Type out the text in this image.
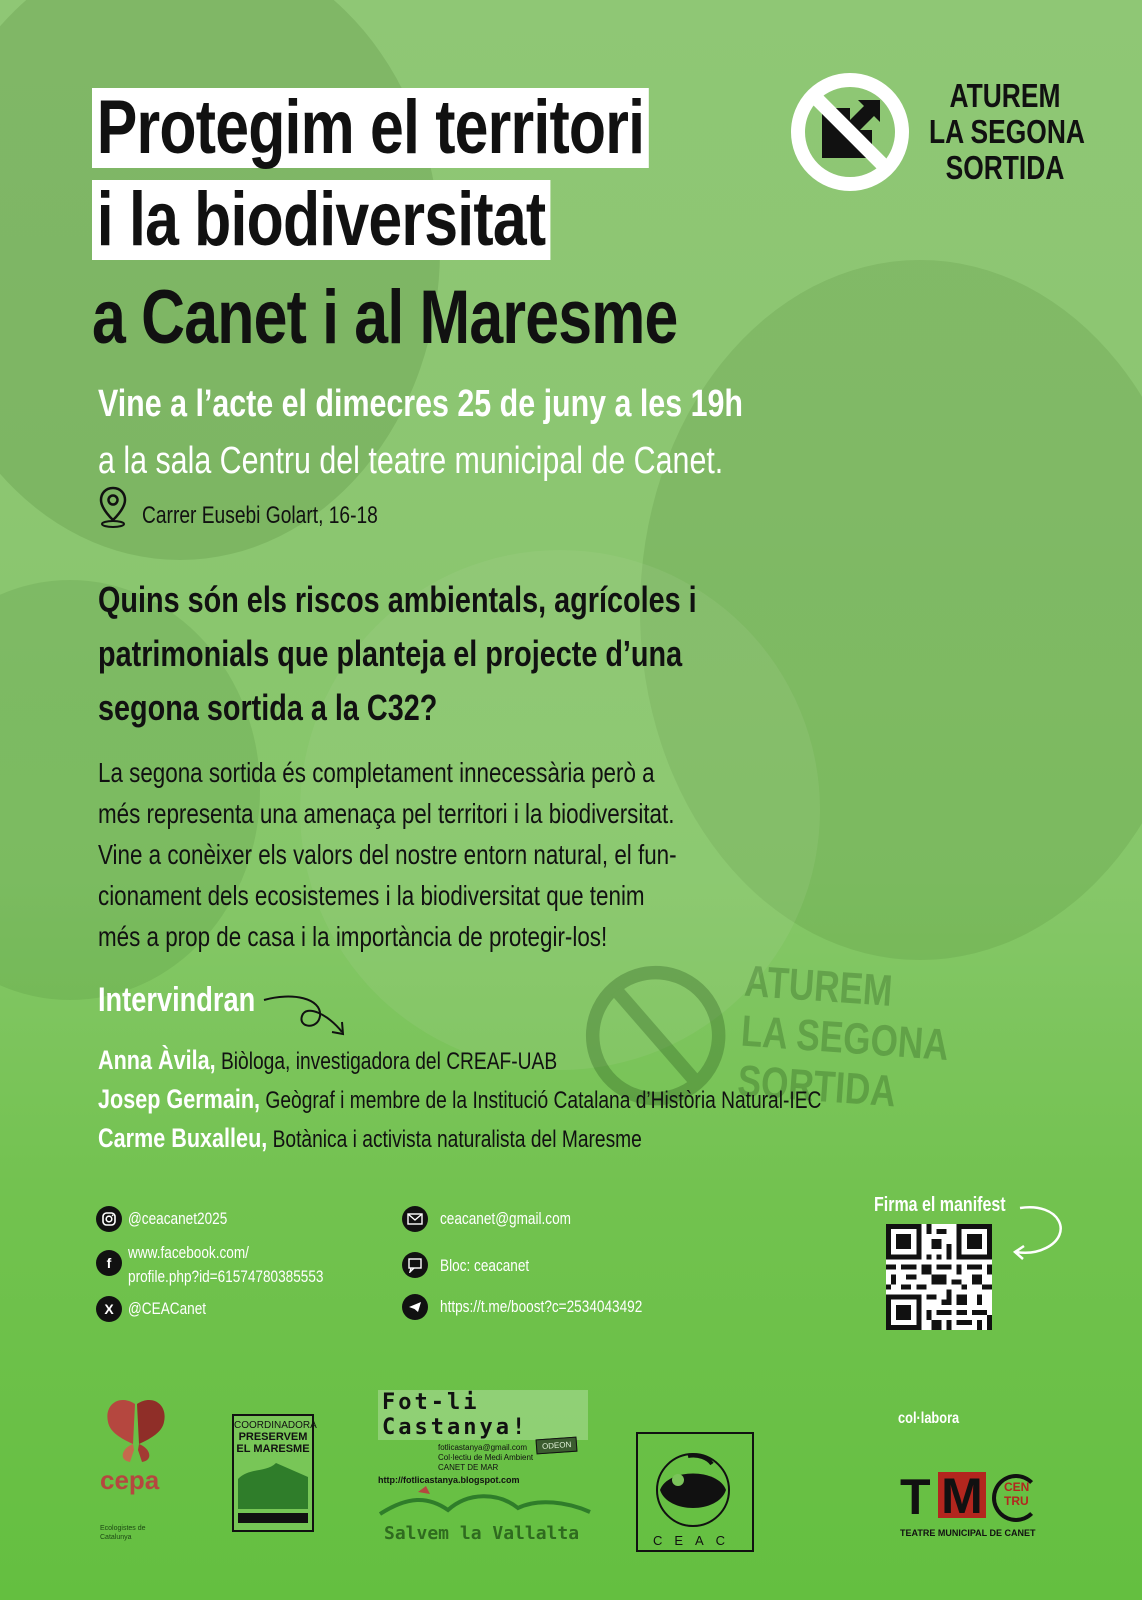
ATUREM
LA SEGONA
SORTIDA
Protegim el territori
i la biodiversitat
a Canet i al Maresme
ATUREM
LA SEGONA
SORTIDA
Vine a l’acte el dimecres 25 de juny a les 19h
a la sala Centru del teatre municipal de Canet.
Carrer Eusebi Golart, 16-18
Quins són els riscos ambientals, agrícoles i
patrimonials que planteja el projecte d’una
segona sortida a la C32?
La segona sortida és completament innecessària però a
més representa una amenaça pel territori i la biodiversitat.
Vine a conèixer els valors del nostre entorn natural, el fun-
cionament dels ecosistemes i la biodiversitat que tenim
més a prop de casa i la importància de protegir-los!
Intervindran
Anna Àvila, Biòloga, investigadora del CREAF-UAB
Josep Germain, Geògraf i membre de la Institució Catalana d’Història Natural-IEC
Carme Buxalleu, Botànica i activista naturalista del Maresme
@ceacanet2025
f
www.facebook.com/
profile.php?id=61574780385553
X @CEACanet
ceacanet@gmail.com
Bloc: ceacanet
https://t.me/boost?c=2534043492
Firma el manifest
cepa
Ecologistes de Catalunya
COORDINADORA
PRESERVEM
EL MARESME
Fot-li Castanya!
fotlicastanya@gmail.com
Col·lectiu de Medi Ambient
CANET DE MAR
http://fotlicastanya.blogspot.com
ODEON
Salvem la Vallalta	CEAC
col·labora
T M CEN
TRU
TEATRE MUNICIPAL DE CANET
